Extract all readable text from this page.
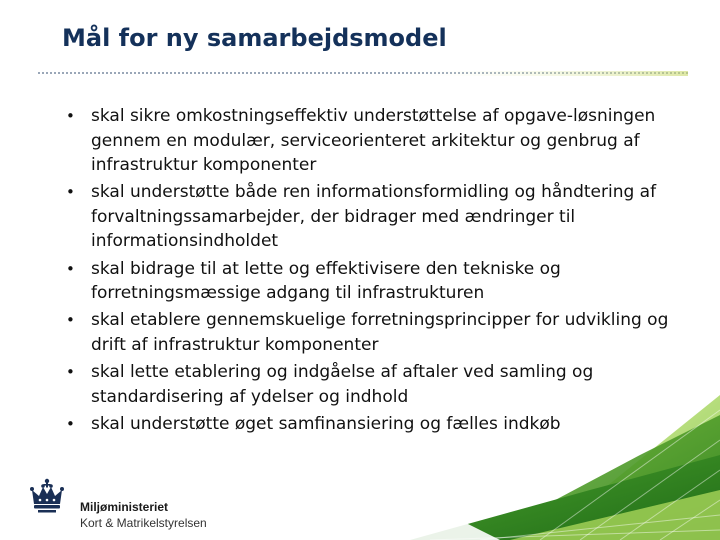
Mål for ny samarbejdsmodel
• skal sikre omkostningseffektiv understøttelse af opgave-løsningen gennem en modulær, serviceorienteret arkitektur og genbrug af infrastruktur komponenter
• skal understøtte både ren informationsformidling og håndtering af forvaltningssamarbejder, der bidrager med ændringer til informationsindholdet
• skal bidrage til at lette og effektivisere den tekniske og forretningsmæssige adgang til infrastrukturen
• skal etablere gennemskuelige forretningsprincipper for udvikling og drift af infrastruktur komponenter
• skal lette etablering og indgåelse af aftaler ved samling og standardisering af ydelser og indhold
• skal understøtte øget samfinansiering og fælles indkøb
Miljøministeriet
Kort & Matrikelstyrelsen
